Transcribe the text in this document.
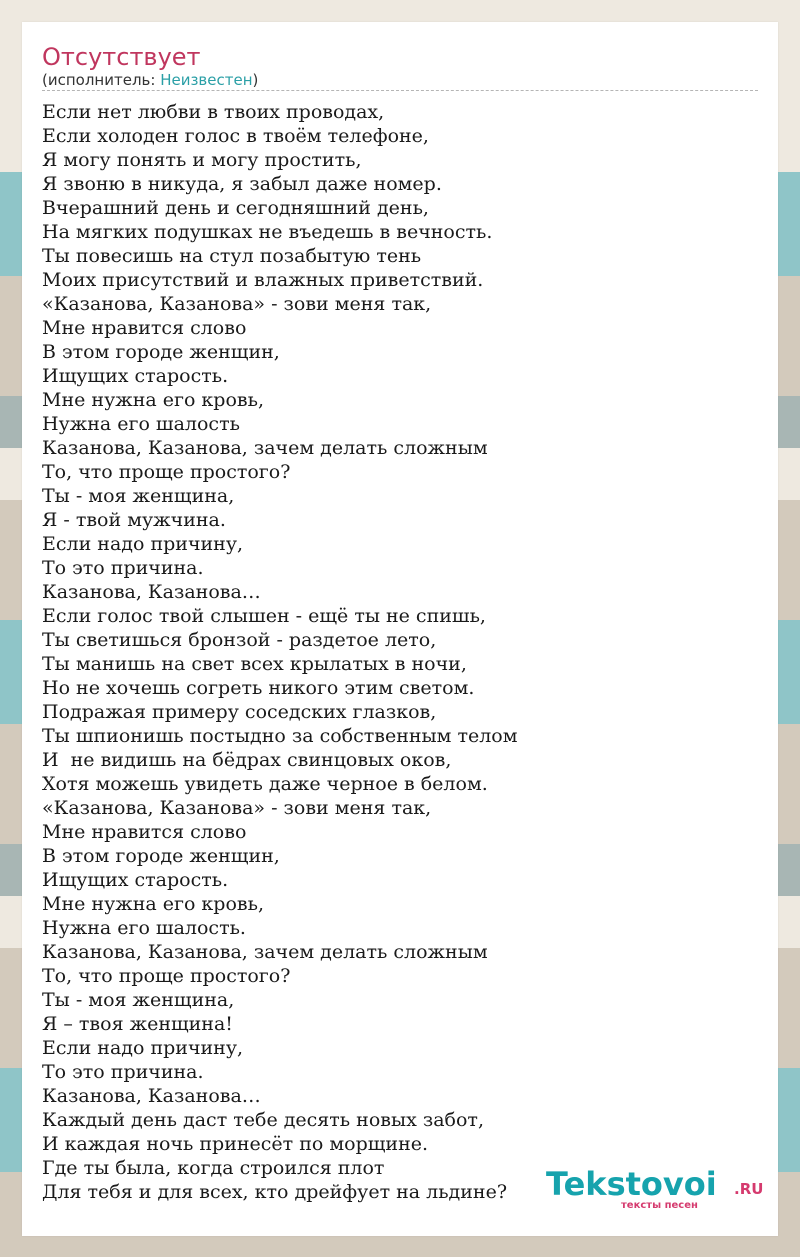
Отсутствует
(исполнитель: Неизвестен)
Если нет любви в твоих проводах,
Если холоден голос в твоём телефоне,
Я могу понять и могу простить,
Я звоню в никуда, я забыл даже номер.
Вчерашний день и сегодняшний день,
На мягких подушках не въедешь в вечность.
Ты повесишь на стул позабытую тень
Моих присутствий и влажных приветствий.
«Казанова, Казанова» - зови меня так,
Мне нравится слово
В этом городе женщин,
Ищущих старость.
Мне нужна его кровь,
Нужна его шалость
Казанова, Казанова, зачем делать сложным
То, что проще простого?
Ты - моя женщина,
Я - твой мужчина.
Если надо причину,
То это причина.
Казанова, Казанова…
Если голос твой слышен - ещё ты не спишь,
Ты светишься бронзой - раздетое лето,
Ты манишь на свет всех крылатых в ночи,
Но не хочешь согреть никого этим светом.
Подражая примеру соседских глазков,
Ты шпионишь постыдно за собственным телом
И  не видишь на бёдрах свинцовых оков,
Хотя можешь увидеть даже черное в белом.
«Казанова, Казанова» - зови меня так,
Мне нравится слово
В этом городе женщин,
Ищущих старость.
Мне нужна его кровь,
Нужна его шалость.
Казанова, Казанова, зачем делать сложным
То, что проще простого?
Ты - моя женщина,
Я – твоя женщина!
Если надо причину,
То это причина.
Казанова, Казанова…
Каждый день даст тебе десять новых забот,
И каждая ночь принесёт по морщине.
Где ты была, когда строился плот
Для тебя и для всех, кто дрейфует на льдине?	Tekstovoi .RU
тексты песен
